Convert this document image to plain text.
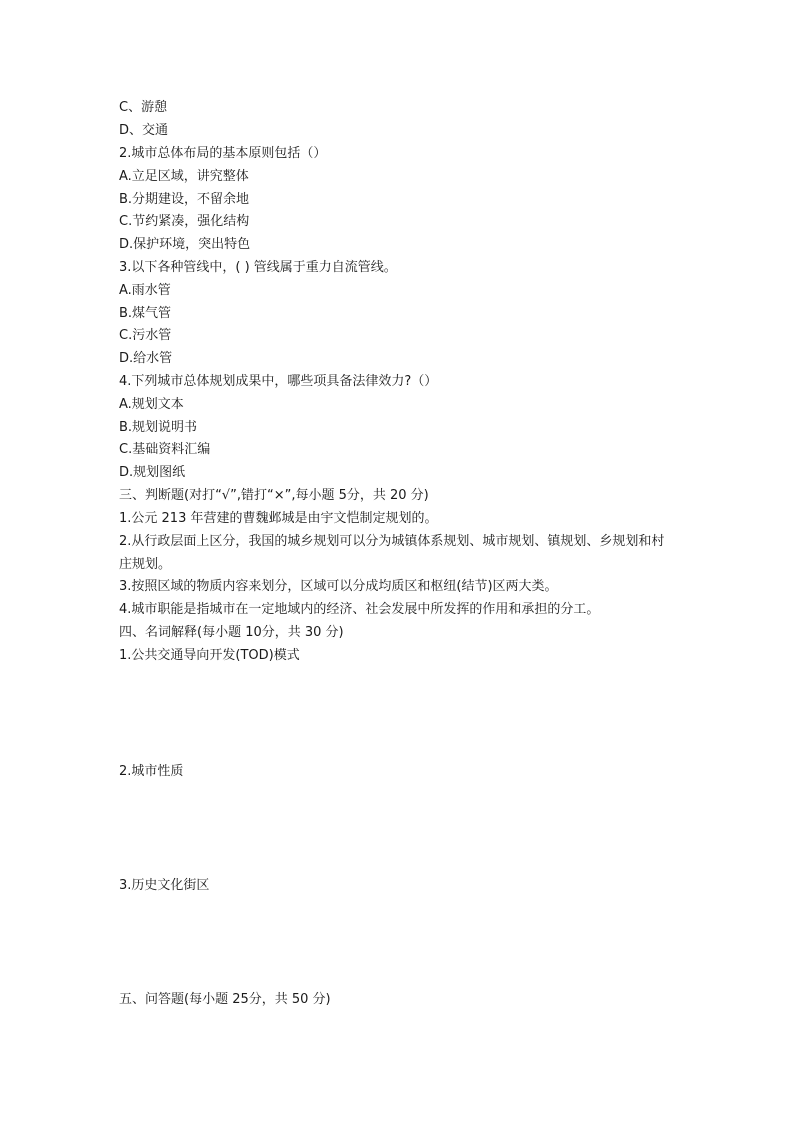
C、游憩
D、交通
2.城市总体布局的基本原则包括（）
A.立足区域，讲究整体
B.分期建设，不留余地
C.节约紧凑，强化结构
D.保护环境，突出特色
3.以下各种管线中，( ) 管线属于重力自流管线。
A.雨水管
B.煤气管
C.污水管
D.给水管
4.下列城市总体规划成果中，哪些项具备法律效力?（）
A.规划文本
B.规划说明书
C.基础资料汇编
D.规划图纸
三、判断题(对打“√”,错打“×”,每小题 5分，共 20 分)
1.公元 213 年营建的曹魏邺城是由宇文恺制定规划的。
2.从行政层面上区分，我国的城乡规划可以分为城镇体系规划、城市规划、镇规划、乡规划和村庄规划。
3.按照区域的物质内容来划分，区域可以分成均质区和枢纽(结节)区两大类。
4.城市职能是指城市在一定地域内的经济、社会发展中所发挥的作用和承担的分工。
四、名词解释(每小题 10分，共 30 分)
1.公共交通导向开发(TOD)模式
2.城市性质
3.历史文化街区
五、问答题(每小题 25分，共 50 分)
